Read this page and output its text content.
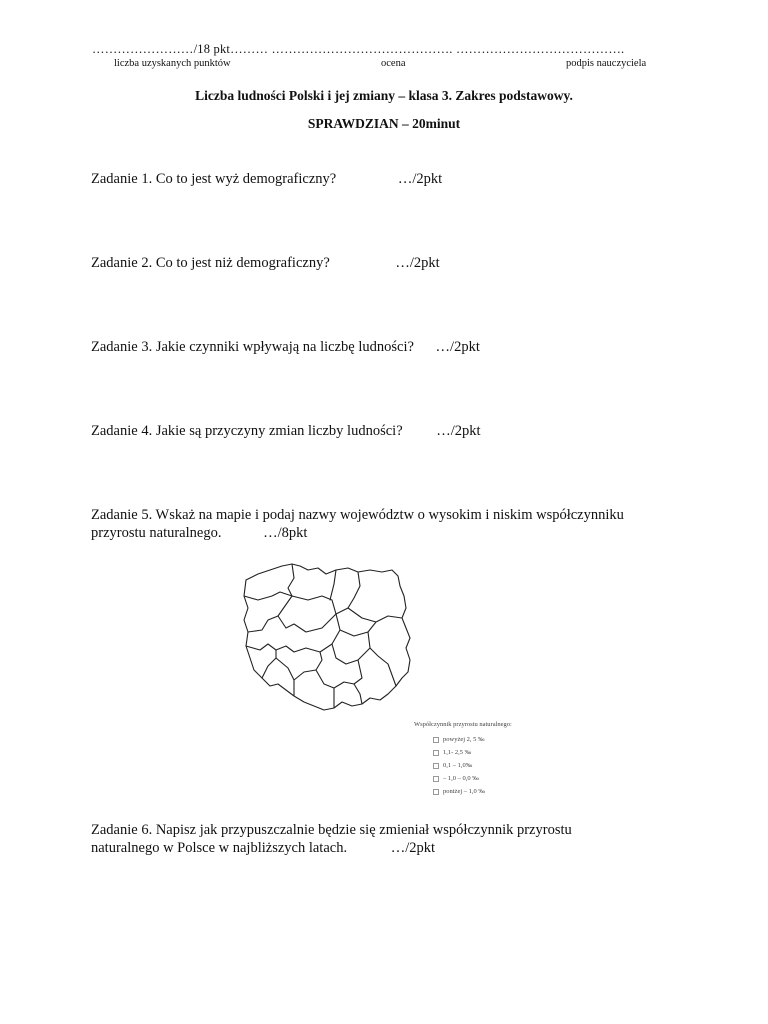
……………………/18 pkt……… ……………………………………. ………………………………….
liczba uzyskanych punktów	ocena	podpis nauczyciela
Liczba ludności Polski i jej zmiany – klasa 3. Zakres podstawowy.
SPRAWDZIAN – 20minut
Zadanie 1. Co to jest wyż demograficzny?	…/2pkt
Zadanie 2. Co to jest niż demograficzny?	…/2pkt
Zadanie 3. Jakie czynniki wpływają na liczbę ludności? …/2pkt
Zadanie 4. Jakie są przyczyny zmian liczby ludności? …/2pkt
Zadanie 5. Wskaż na mapie i podaj nazwy województw o wysokim i niskim współczynniku
przyrostu naturalnego.	…/8pkt
Współczynnik przyrostu naturalnego:
powyżej 2, 5 ‰
1,1- 2,5 ‰
0,1 – 1,0‰
– 1,0 – 0,0 ‰
poniżej – 1,0 ‰
Zadanie 6. Napisz jak przypuszczalnie będzie się zmieniał współczynnik przyrostu
naturalnego w Polsce w najbliższych latach.	…/2pkt
